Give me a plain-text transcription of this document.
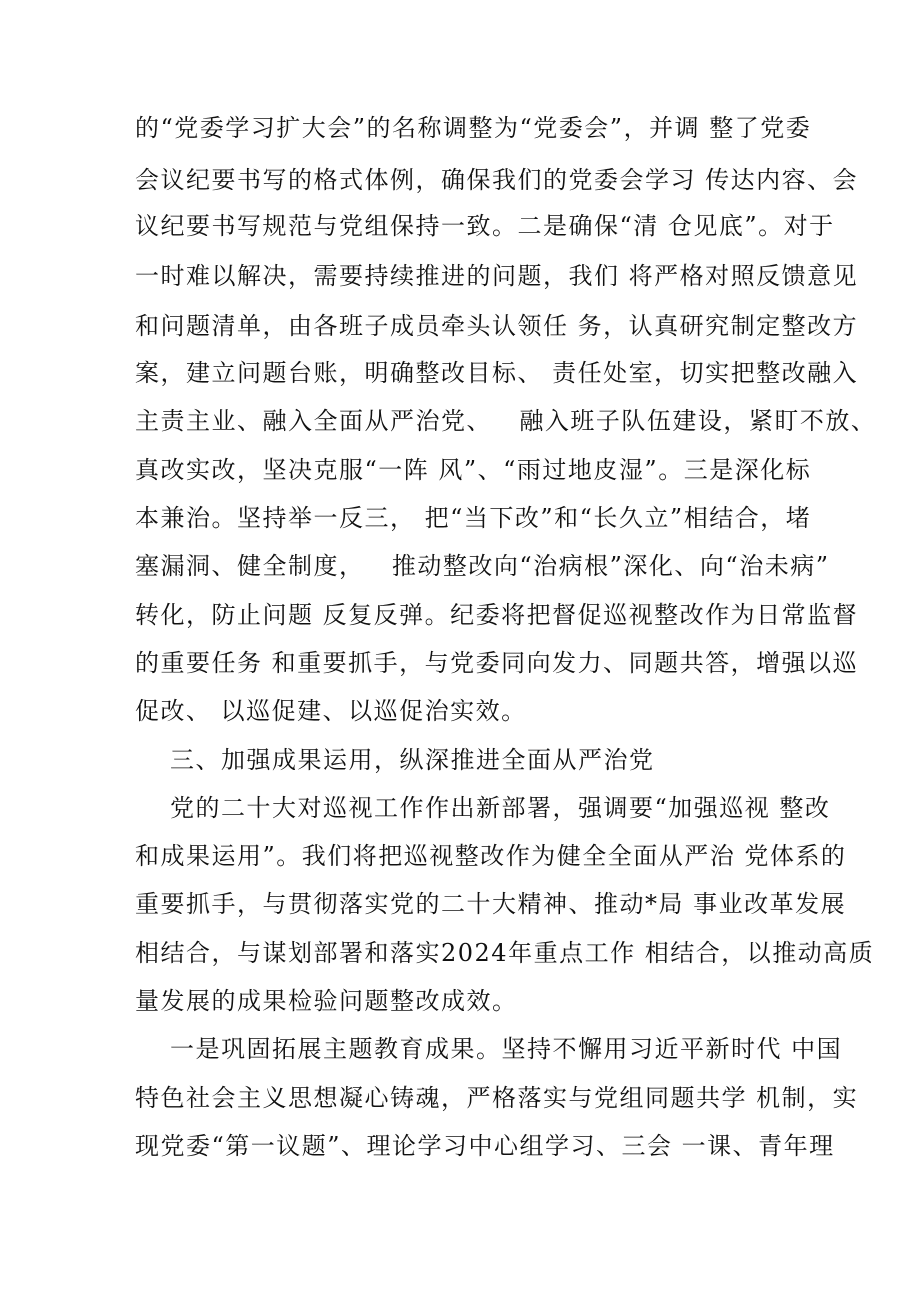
的“党委学习扩大会”的名称调整为“党委会”，并调 整了党委
会议纪要书写的格式体例，确保我们的党委会学习 传达内容、会
议纪要书写规范与党组保持一致。二是确保“清 仓见底”。对于
一时难以解决，需要持续推进的问题，我们 将严格对照反馈意见
和问题清单，由各班子成员牵头认领任 务，认真研究制定整改方
案，建立问题台账，明确整改目标、 责任处室，切实把整改融入
主责主业、融入全面从严治党、   融入班子队伍建设，紧盯不放、
真改实改，坚决克服“一阵 风”、“雨过地皮湿”。三是深化标
本兼治。坚持举一反三， 把“当下改”和“长久立”相结合，堵
塞漏洞、健全制度，   推动整改向“治病根”深化、向“治未病”
转化，防止问题 反复反弹。纪委将把督促巡视整改作为日常监督
的重要任务 和重要抓手，与党委同向发力、同题共答，增强以巡
促改、 以巡促建、以巡促治实效。
三、加强成果运用，纵深推进全面从严治党
党的二十大对巡视工作作出新部署，强调要“加强巡视 整改
和成果运用”。我们将把巡视整改作为健全全面从严治 党体系的
重要抓手，与贯彻落实党的二十大精神、推动*局 事业改革发展
相结合，与谋划部署和落实2024年重点工作 相结合，以推动高质
量发展的成果检验问题整改成效。
一是巩固拓展主题教育成果。坚持不懈用习近平新时代 中国
特色社会主义思想凝心铸魂，严格落实与党组同题共学 机制，实
现党委“第一议题”、理论学习中心组学习、三会 一课、青年理
